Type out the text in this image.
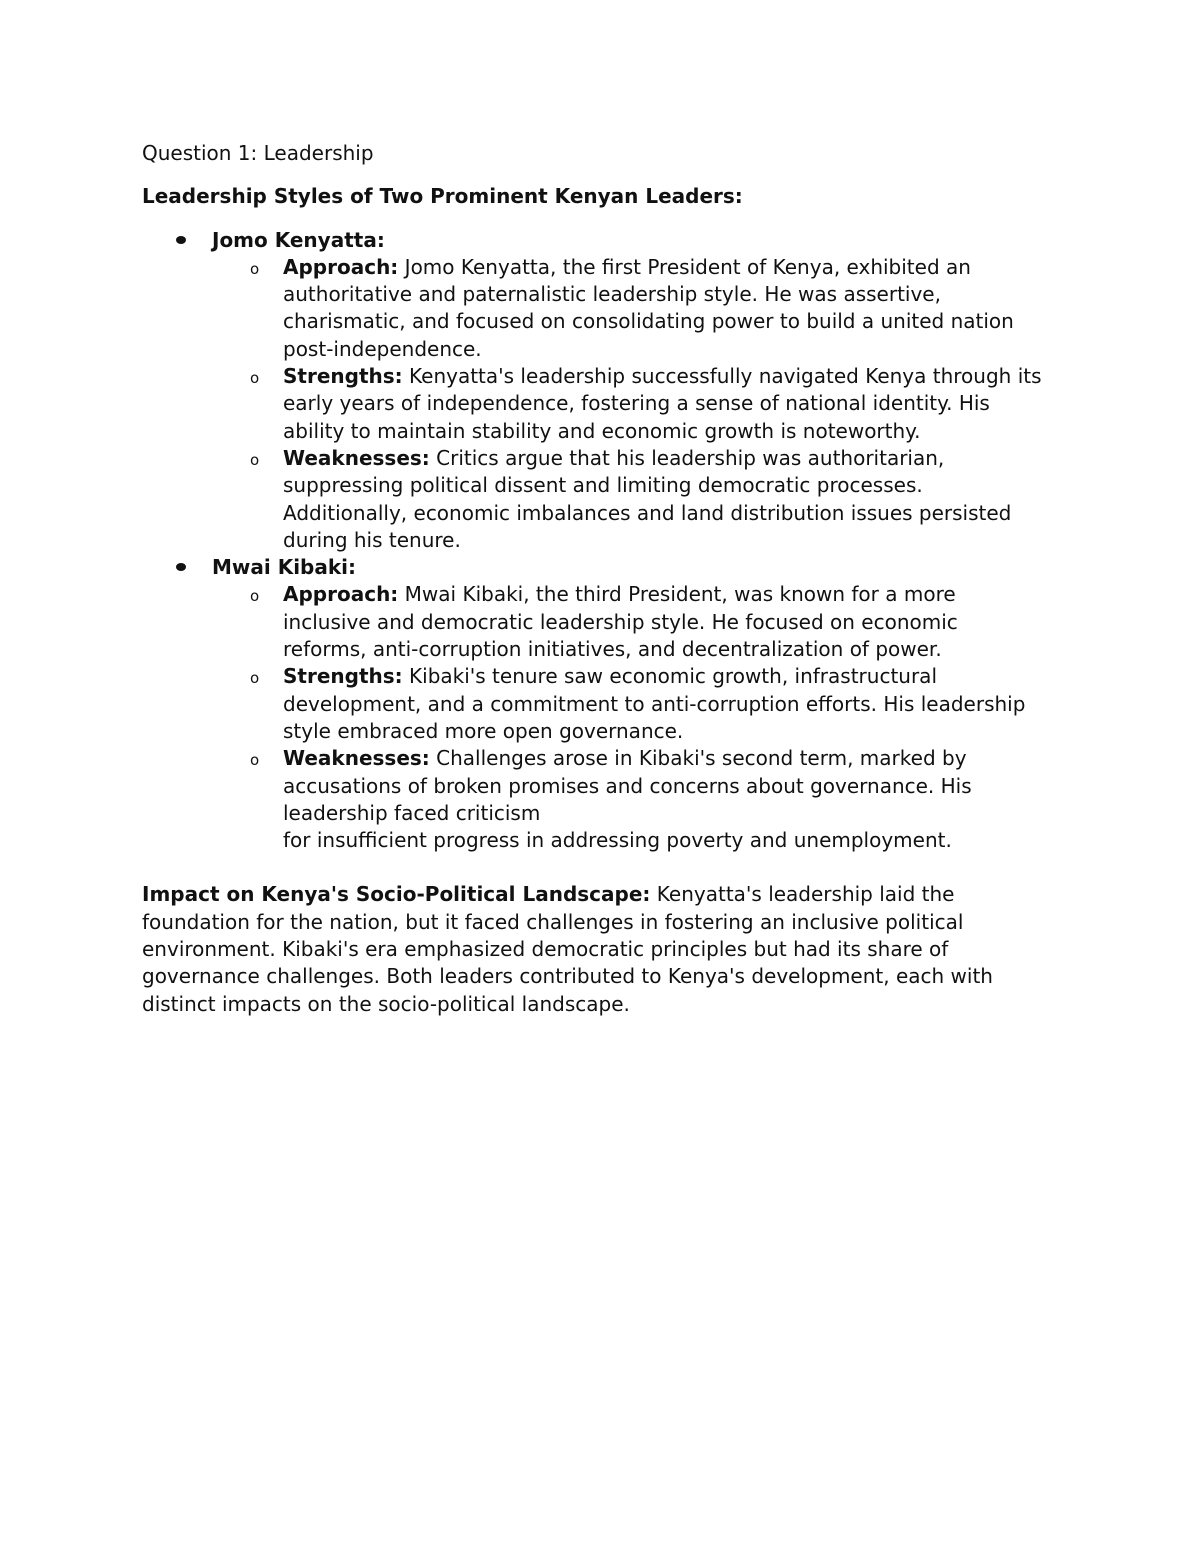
Question 1: Leadership
Leadership Styles of Two Prominent Kenyan Leaders:
Jomo Kenyatta:
o Approach: Jomo Kenyatta, the first President of Kenya, exhibited an authoritative and paternalistic leadership style. He was assertive, charismatic, and focused on consolidating power to build a united nation post-independence.
o Strengths: Kenyatta's leadership successfully navigated Kenya through its early years of independence, fostering a sense of national identity. His ability to maintain stability and economic growth is noteworthy.
o Weaknesses: Critics argue that his leadership was authoritarian, suppressing political dissent and limiting democratic processes. Additionally, economic imbalances and land distribution issues persisted during his tenure.
Mwai Kibaki:
o Approach: Mwai Kibaki, the third President, was known for a more inclusive and democratic leadership style. He focused on economic reforms, anti-corruption initiatives, and decentralization of power.
o Strengths: Kibaki's tenure saw economic growth, infrastructural development, and a commitment to anti-corruption efforts. His leadership style embraced more open governance.
o Weaknesses: Challenges arose in Kibaki's second term, marked by accusations of broken promises and concerns about governance. His leadership faced criticism
for insufficient progress in addressing poverty and unemployment.

Impact on Kenya's Socio-Political Landscape: Kenyatta's leadership laid the foundation for the nation, but it faced challenges in fostering an inclusive political environment. Kibaki's era emphasized democratic principles but had its share of governance challenges. Both leaders contributed to Kenya's development, each with distinct impacts on the socio-political landscape.
